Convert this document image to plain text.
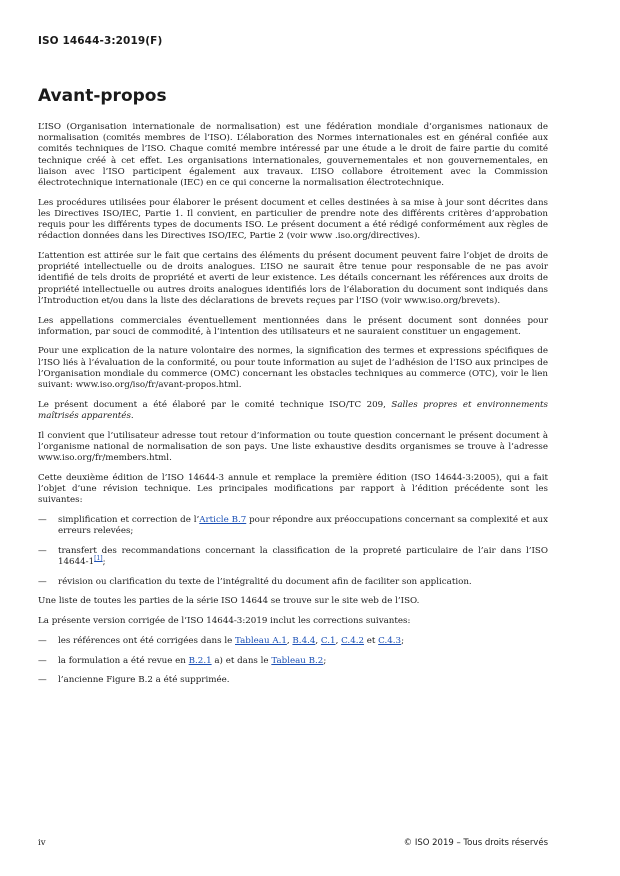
ISO 14644-3:2019(F)
Avant-propos

L’ISO (Organisation internationale de normalisation) est une fédération mondiale d’organismes nationaux de normalisation (comités membres de l’ISO). L’élaboration des Normes internationales est en général confiée aux comités techniques de l’ISO. Chaque comité membre intéressé par une étude a le droit de faire partie du comité technique créé à cet effet. Les organisations internationales, gouvernementales et non gouvernementales, en liaison avec l’ISO participent également aux travaux. L’ISO collabore étroitement avec la Commission électrotechnique internationale (IEC) en ce qui concerne la normalisation électrotechnique.

Les procédures utilisées pour élaborer le présent document et celles destinées à sa mise à jour sont décrites dans les Directives ISO/IEC, Partie 1. Il convient, en particulier de prendre note des différents critères d’approbation requis pour les différents types de documents ISO. Le présent document a été rédigé conformément aux règles de rédaction données dans les Directives ISO/IEC, Partie 2 (voir www .iso.org/directives).

L’attention est attirée sur le fait que certains des éléments du présent document peuvent faire l’objet de droits de propriété intellectuelle ou de droits analogues. L’ISO ne saurait être tenue pour responsable de ne pas avoir identifié de tels droits de propriété et averti de leur existence. Les détails concernant les références aux droits de propriété intellectuelle ou autres droits analogues identifiés lors de l’élaboration du document sont indiqués dans l’Introduction et/ou dans la liste des déclarations de brevets reçues par l’ISO (voir www.iso.org/brevets).

Les appellations commerciales éventuellement mentionnées dans le présent document sont données pour information, par souci de commodité, à l’intention des utilisateurs et ne sauraient constituer un engagement.

Pour une explication de la nature volontaire des normes, la signification des termes et expressions spécifiques de l’ISO liés à l’évaluation de la conformité, ou pour toute information au sujet de l’adhésion de l’ISO aux principes de l’Organisation mondiale du commerce (OMC) concernant les obstacles techniques au commerce (OTC), voir le lien suivant: www.iso.org/iso/fr/avant-propos.html.

Le présent document a été élaboré par le comité technique ISO/TC 209, Salles propres et environnements maîtrisés apparentés.

Il convient que l’utilisateur adresse tout retour d’information ou toute question concernant le présent document à l’organisme national de normalisation de son pays. Une liste exhaustive desdits organismes se trouve à l’adresse www.iso.org/fr/members.html.

Cette deuxième édition de l’ISO 14644-3 annule et remplace la première édition (ISO 14644-3:2005), qui a fait l’objet d’une révision technique. Les principales modifications par rapport à l’édition précédente sont les suivantes:

—	simplification et correction de l’Article B.7 pour répondre aux préoccupations concernant sa complexité et aux erreurs relevées;
—	transfert des recommandations concernant la classification de la propreté particulaire de l’air dans l’ISO 14644-1[1];
—	révision ou clarification du texte de l’intégralité du document afin de faciliter son application.

Une liste de toutes les parties de la série ISO 14644 se trouve sur le site web de l’ISO.

La présente version corrigée de l’ISO 14644-3:2019 inclut les corrections suivantes:

—	les références ont été corrigées dans le Tableau A.1, B.4.4, C.1, C.4.2 et C.4.3;
—	la formulation a été revue en B.2.1 a) et dans le Tableau B.2;
—	l’ancienne Figure B.2 a été supprimée.
iv	© ISO 2019 – Tous droits réservés
